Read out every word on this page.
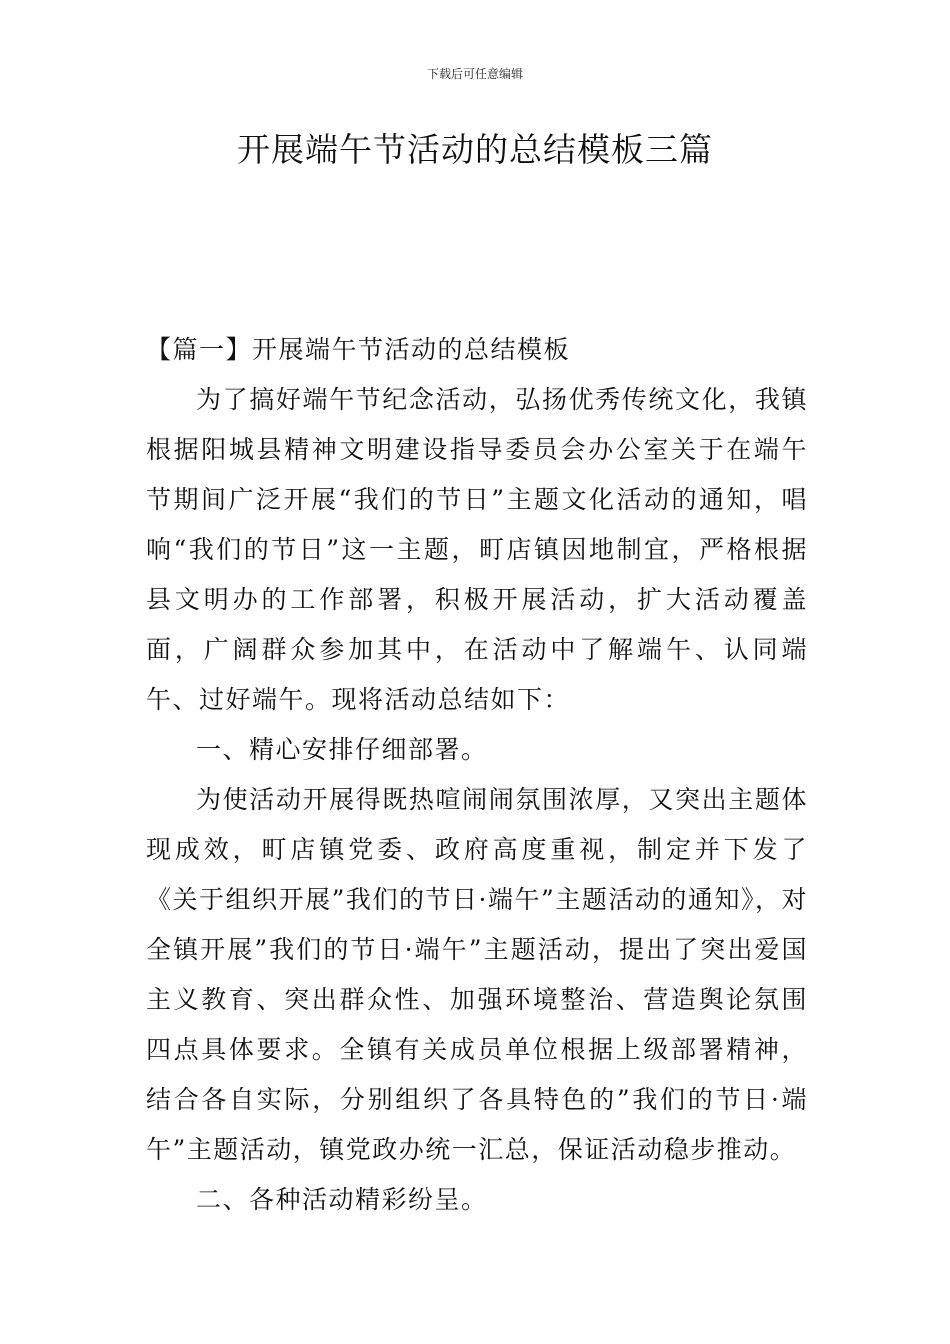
下载后可任意编辑
开展端午节活动的总结模板三篇

【篇一】开展端午节活动的总结模板

为了搞好端午节纪念活动，弘扬优秀传统文化，我镇根据阳城县精神文明建设指导委员会办公室关于在端午节期间广泛开展“我们的节日”主题文化活动的通知，唱响“我们的节日”这一主题，町店镇因地制宜，严格根据县文明办的工作部署，积极开展活动，扩大活动覆盖面，广阔群众参加其中，在活动中了解端午、认同端午、过好端午。现将活动总结如下：

一、精心安排仔细部署。

为使活动开展得既热喧闹闹氛围浓厚，又突出主题体现成效，町店镇党委、政府高度重视，制定并下发了《关于组织开展”我们的节日·端午”主题活动的通知》，对全镇开展”我们的节日·端午”主题活动，提出了突出爱国主义教育、突出群众性、加强环境整治、营造舆论氛围四点具体要求。全镇有关成员单位根据上级部署精神，结合各自实际，分别组织了各具特色的”我们的节日·端午”主题活动，镇党政办统一汇总，保证活动稳步推动。

二、各种活动精彩纷呈。
